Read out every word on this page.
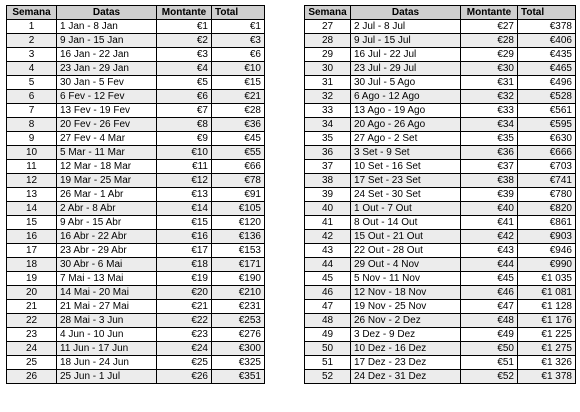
Semana	Datas	Montante	Total
1	1 Jan - 8 Jan	€1	€1
2	9 Jan - 15 Jan	€2	€3
3	16 Jan - 22 Jan	€3	€6
4	23 Jan - 29 Jan	€4	€10
5	30 Jan - 5 Fev	€5	€15
6	6 Fev - 12 Fev	€6	€21
7	13 Fev - 19 Fev	€7	€28
8	20 Fev - 26 Fev	€8	€36
9	27 Fev - 4 Mar	€9	€45
10	5 Mar - 11 Mar	€10	€55
11	12 Mar - 18 Mar	€11	€66
12	19 Mar - 25 Mar	€12	€78
13	26 Mar - 1 Abr	€13	€91
14	2 Abr - 8 Abr	€14	€105
15	9 Abr - 15 Abr	€15	€120
16	16 Abr - 22 Abr	€16	€136
17	23 Abr - 29 Abr	€17	€153
18	30 Abr - 6 Mai	€18	€171
19	7 Mai - 13 Mai	€19	€190
20	14 Mai - 20 Mai	€20	€210
21	21 Mai - 27 Mai	€21	€231
22	28 Mai - 3 Jun	€22	€253
23	4 Jun - 10 Jun	€23	€276
24	11 Jun - 17 Jun	€24	€300
25	18 Jun - 24 Jun	€25	€325
26	25 Jun - 1 Jul	€26	€351
Semana	Datas	Montante	Total
27	2 Jul - 8 Jul	€27	€378
28	9 Jul - 15 Jul	€28	€406
29	16 Jul - 22 Jul	€29	€435
30	23 Jul - 29 Jul	€30	€465
31	30 Jul - 5 Ago	€31	€496
32	6 Ago - 12 Ago	€32	€528
33	13 Ago - 19 Ago	€33	€561
34	20 Ago - 26 Ago	€34	€595
35	27 Ago - 2 Set	€35	€630
36	3 Set - 9 Set	€36	€666
37	10 Set - 16 Set	€37	€703
38	17 Set - 23 Set	€38	€741
39	24 Set - 30 Set	€39	€780
40	1 Out - 7 Out	€40	€820
41	8 Out - 14 Out	€41	€861
42	15 Out - 21 Out	€42	€903
43	22 Out - 28 Out	€43	€946
44	29 Out - 4 Nov	€44	€990
45	5 Nov - 11 Nov	€45	€1 035
46	12 Nov - 18 Nov	€46	€1 081
47	19 Nov - 25 Nov	€47	€1 128
48	26 Nov - 2 Dez	€48	€1 176
49	3 Dez - 9 Dez	€49	€1 225
50	10 Dez - 16 Dez	€50	€1 275
51	17 Dez - 23 Dez	€51	€1 326
52	24 Dez - 31 Dez	€52	€1 378
